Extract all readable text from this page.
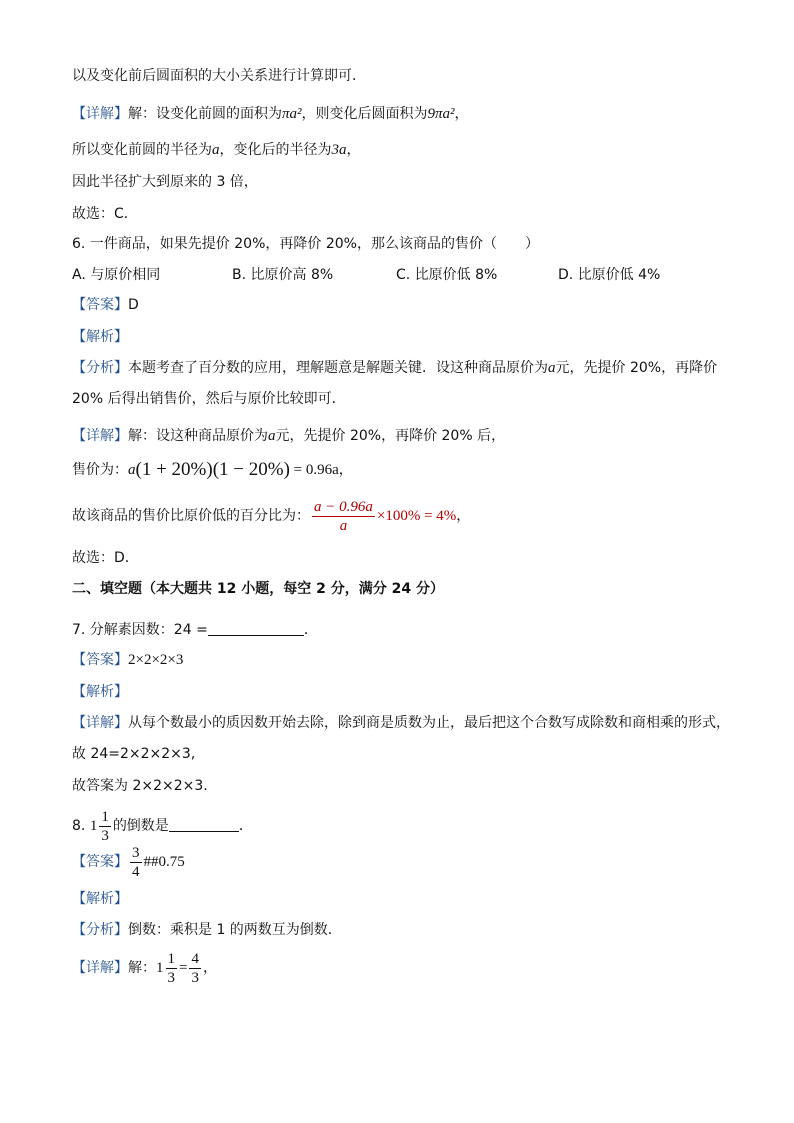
以及变化前后圆面积的大小关系进行计算即可．
【详解】解：设变化前圆的面积为πa²，则变化后圆面积为9πa²，
所以变化前圆的半径为a，变化后的半径为3a，
因此半径扩大到原来的 3 倍，
故选：C．
6. 一件商品，如果先提价 20%，再降价 20%，那么该商品的售价（　　）
A. 与原价相同	B. 比原价高 8%	C. 比原价低 8%	D. 比原价低 4%
【答案】D
【解析】
【分析】本题考查了百分数的应用，理解题意是解题关键．设这种商品原价为a元，先提价 20%，再降价
20% 后得出销售价，然后与原价比较即可．
【详解】解：设这种商品原价为a元，先提价 20%，再降价 20% 后，
售价为：a(1 + 20%)(1 − 20%) = 0.96a，
故该商品的售价比原价低的百分比为： $\frac{a - 0.96a}{a} \times 100\% = 4\%$，
故选：D．
二、填空题（本大题共 12 小题，每空 2 分，满分 24 分）
7. 分解素因数：24 =	．
【答案】2×2×2×3
【解析】
【详解】从每个数最小的质因数开始去除，除到商是质数为止，最后把这个合数写成除数和商相乘的形式，
故 24=2×2×2×3,
故答案为 2×2×2×3.
8. $1 \frac{1}{3}$ 的倒数是	．
【答案】 $\frac{3}{4}$ ##0.75
【解析】
【分析】倒数：乘积是 1 的两数互为倒数．
【详解】解：$1 \frac{1}{3} = \frac{4}{3}$ ，
